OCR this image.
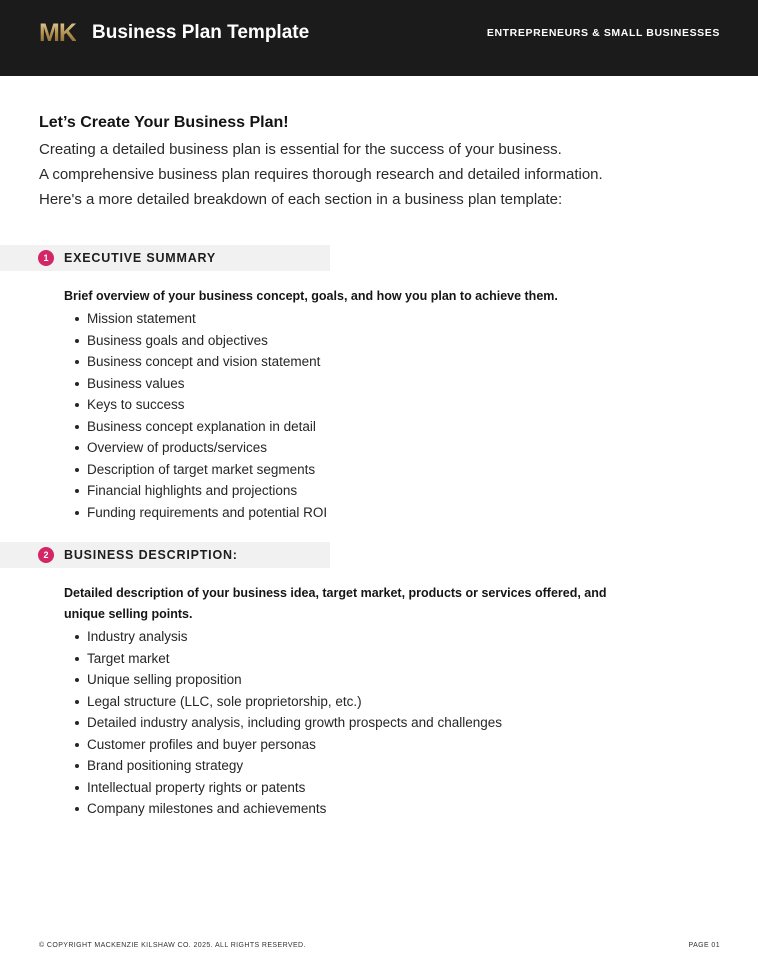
MK Business Plan Template	ENTREPRENEURS & SMALL BUSINESSES
Let’s Create Your Business Plan!

Creating a detailed business plan is essential for the success of your business.

A comprehensive business plan requires thorough research and detailed information.

Here's a more detailed breakdown of each section in a business plan template:

1	EXECUTIVE SUMMARY
Brief overview of your business concept, goals, and how you plan to achieve them.
Mission statement
Business goals and objectives
Business concept and vision statement
Business values
Keys to success
Business concept explanation in detail
Overview of products/services
Description of target market segments
Financial highlights and projections
Funding requirements and potential ROI
2	BUSINESS DESCRIPTION:
Detailed description of your business idea, target market, products or services offered, and unique selling points.
Industry analysis
Target market
Unique selling proposition
Legal structure (LLC, sole proprietorship, etc.)
Detailed industry analysis, including growth prospects and challenges
Customer profiles and buyer personas
Brand positioning strategy
Intellectual property rights or patents
Company milestones and achievements
© COPYRIGHT MACKENZIE KILSHAW CO. 2025. ALL RIGHTS RESERVED.	PAGE 01
